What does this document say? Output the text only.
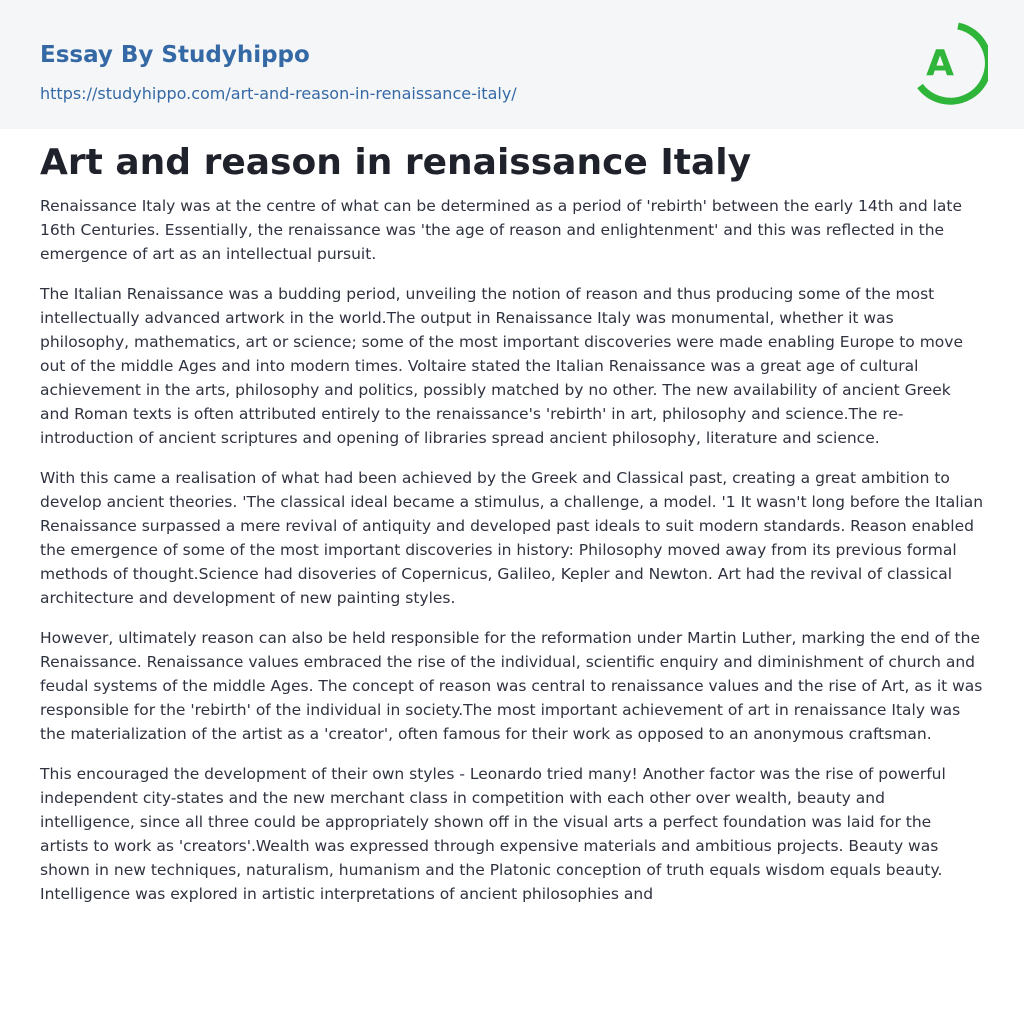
Essay By Studyhippo
https://studyhippo.com/art-and-reason-in-renaissance-italy/
A
Art and reason in renaissance Italy

Renaissance Italy was at the centre of what can be determined as a period of 'rebirth' between the early 14th and late 16th Centuries. Essentially, the renaissance was 'the age of reason and enlightenment' and this was reflected in the emergence of art as an intellectual pursuit.

The Italian Renaissance was a budding period, unveiling the notion of reason and thus producing some of the most intellectually advanced artwork in the world.The output in Renaissance Italy was monumental, whether it was philosophy, mathematics, art or science; some of the most important discoveries were made enabling Europe to move out of the middle Ages and into modern times. Voltaire stated the Italian Renaissance was a great age of cultural achievement in the arts, philosophy and politics, possibly matched by no other. The new availability of ancient Greek and Roman texts is often attributed entirely to the renaissance's 'rebirth' in art, philosophy and science.The re-introduction of ancient scriptures and opening of libraries spread ancient philosophy, literature and science.

With this came a realisation of what had been achieved by the Greek and Classical past, creating a great ambition to develop ancient theories. 'The classical ideal became a stimulus, a challenge, a model. '1 It wasn't long before the Italian Renaissance surpassed a mere revival of antiquity and developed past ideals to suit modern standards. Reason enabled the emergence of some of the most important discoveries in history: Philosophy moved away from its previous formal methods of thought.Science had disoveries of Copernicus, Galileo, Kepler and Newton. Art had the revival of classical architecture and development of new painting styles.

However, ultimately reason can also be held responsible for the reformation under Martin Luther, marking the end of the Renaissance. Renaissance values embraced the rise of the individual, scientific enquiry and diminishment of church and feudal systems of the middle Ages. The concept of reason was central to renaissance values and the rise of Art, as it was responsible for the 'rebirth' of the individual in society.The most important achievement of art in renaissance Italy was the materialization of the artist as a 'creator', often famous for their work as opposed to an anonymous craftsman.

This encouraged the development of their own styles - Leonardo tried many! Another factor was the rise of powerful independent city-states and the new merchant class in competition with each other over wealth, beauty and intelligence, since all three could be appropriately shown off in the visual arts a perfect foundation was laid for the artists to work as 'creators'.Wealth was expressed through expensive materials and ambitious projects. Beauty was shown in new techniques, naturalism, humanism and the Platonic conception of truth equals wisdom equals beauty. Intelligence was explored in artistic interpretations of ancient philosophies and
